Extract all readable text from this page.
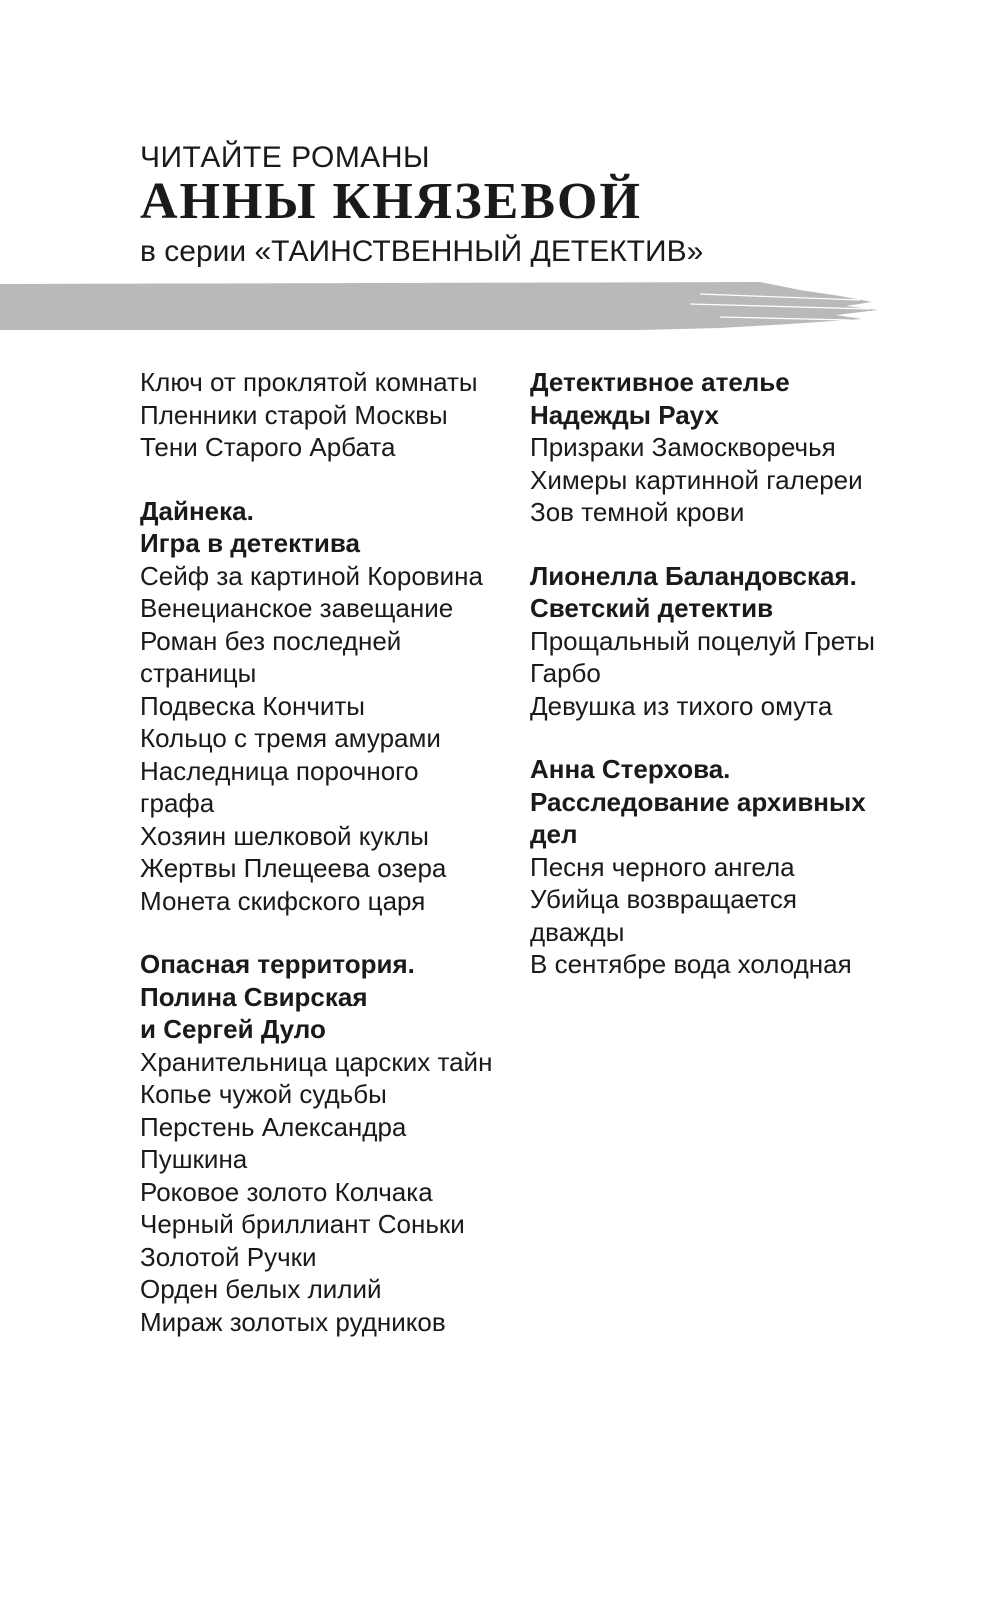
ЧИТАЙТЕ РОМАНЫ
АННЫ КНЯЗЕВОЙ
в серии «ТАИНСТВЕННЫЙ ДЕТЕКТИВ»
Ключ от проклятой комнаты
Пленники старой Москвы
Тени Старого Арбата
Дайнека.
Игра в детектива
Сейф за картиной Коровина
Венецианское завещание
Роман без последней
страницы
Подвеска Кончиты
Кольцо с тремя амурами
Наследница порочного
графа
Хозяин шелковой куклы
Жертвы Плещеева озера
Монета скифского царя
Опасная территория.
Полина Свирская
и Сергей Дуло
Хранительница царских тайн
Копье чужой судьбы
Перстень Александра
Пушкина
Роковое золото Колчака
Черный бриллиант Соньки
Золотой Ручки
Орден белых лилий
Мираж золотых рудников
Детективное ателье
Надежды Раух
Призраки Замоскворечья
Химеры картинной галереи
Зов темной крови
Лионелла Баландовская.
Светский детектив
Прощальный поцелуй Греты
Гарбо
Девушка из тихого омута
Анна Стерхова.
Расследование архивных
дел
Песня черного ангела
Убийца возвращается
дважды
В сентябре вода холодная
